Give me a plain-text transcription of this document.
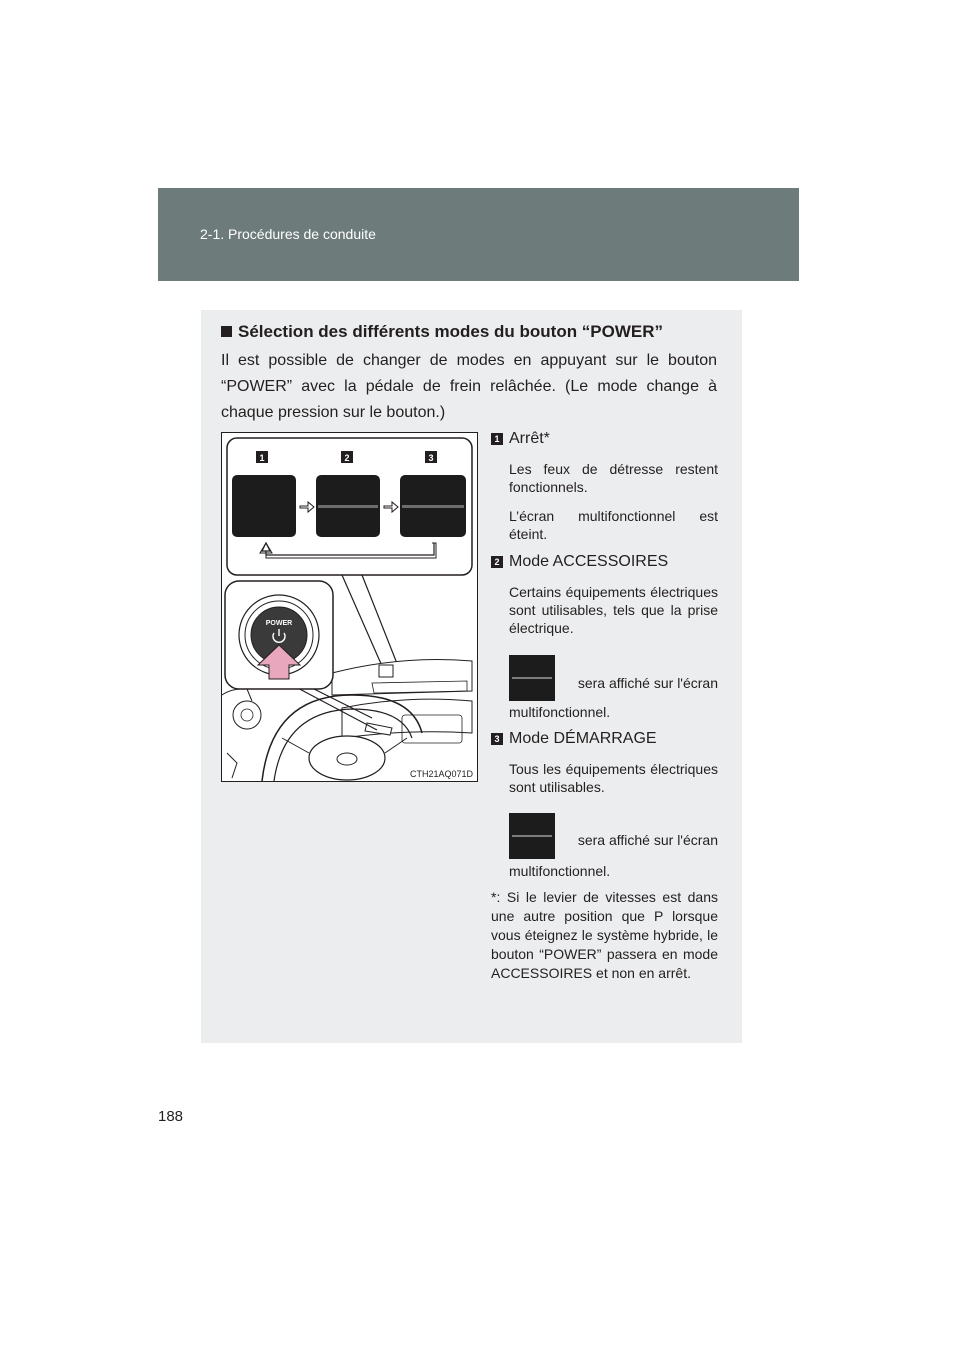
2-1. Procédures de conduite
Sélection des différents modes du bouton “POWER”
Il est possible de changer de modes en appuyant sur le bouton “POWER” avec la pédale de frein relâchée. (Le mode change à chaque pression sur le bouton.)
1	2	3
POWER
CTH21AQ071D
1 Arrêt*
Les feux de détresse restent fonctionnels.
L’écran multifonctionnel est éteint.
2 Mode ACCESSOIRES
Certains équipements électriques sont utilisables, tels que la prise électrique.
sera affiché sur l'écran
multifonctionnel.
3 Mode DÉMARRAGE
Tous les équipements électriques sont utilisables.
sera affiché sur l'écran
multifonctionnel.
*: Si le levier de vitesses est dans une autre position que P lorsque vous éteignez le système hybride, le bouton “POWER” passera en mode ACCESSOIRES et non en arrêt.
188
